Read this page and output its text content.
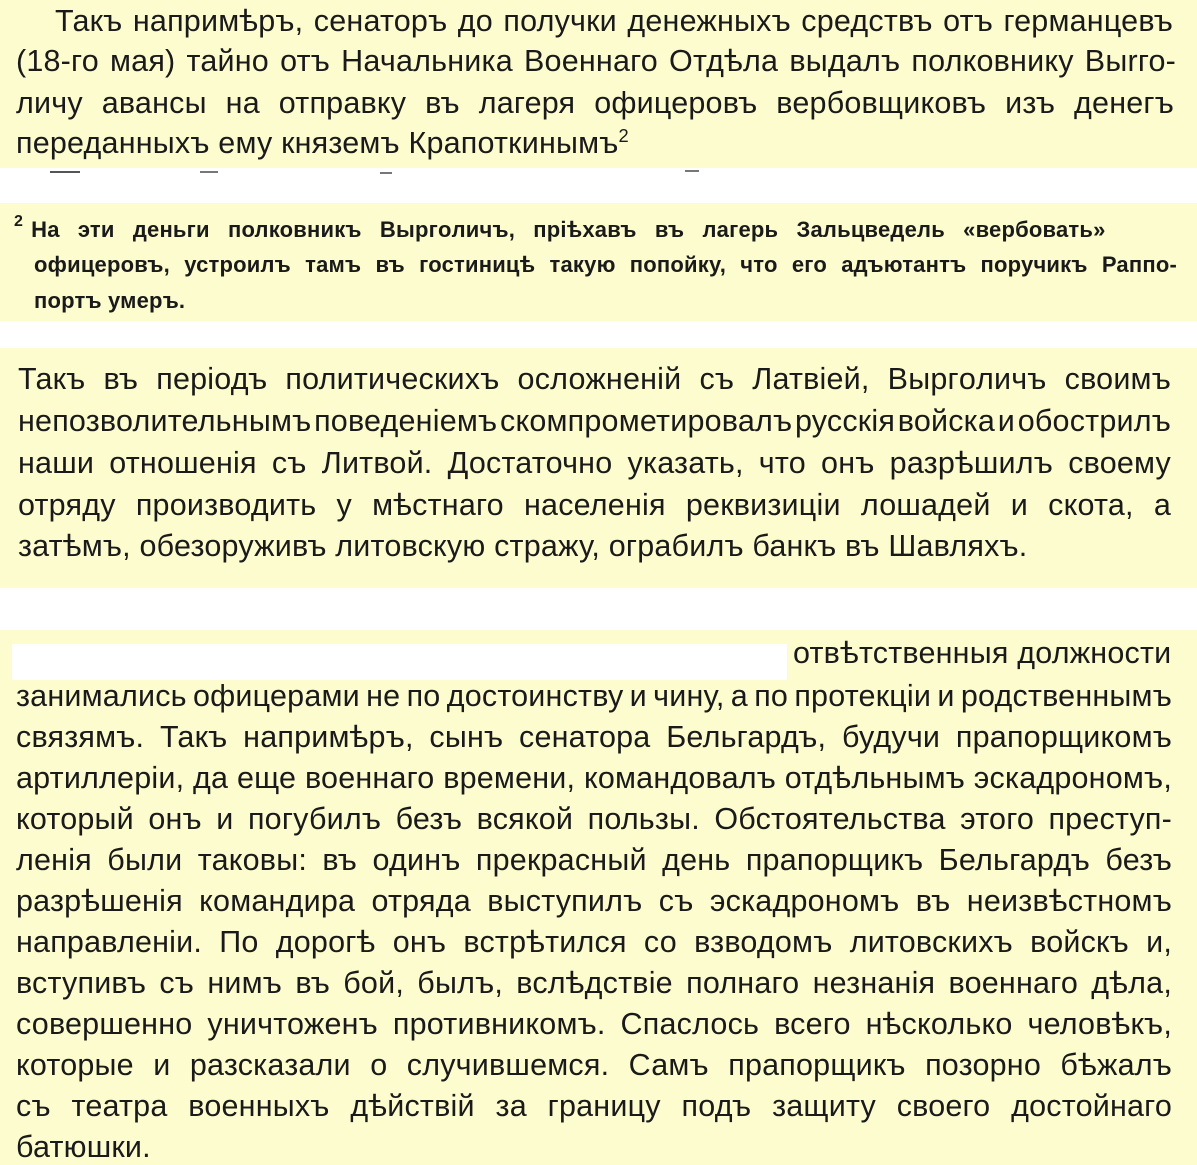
Такъ напримѣръ, сенаторъ до получки денежныхъ средствъ отъ германцевъ
(18-го мая) тайно отъ Начальника Военнаго Отдѣла выдалъ полковнику Выrго-
личу авансы на отправку въ лагеря офицеровъ вербовщиковъ изъ денегъ
переданныхъ ему княземъ Крапоткинымъ$^2$
$^2$ На эти деньги полковникъ Выргoличъ, пріѣхавъ въ лагерь Зальцведель «вербовать»
офицеровъ, устроилъ тамъ въ гостиницѣ такую попойку, что его адъютантъ поручикъ Раппо-
портъ умеръ.
Такъ въ періодъ политическихъ осложненій съ Латвіей, Выргoличъ своимъ
непозволительнымъ поведеніемъ скомпрометировалъ русскія войска и обострилъ
наши отношенія съ Литвой. Достаточно указать, что онъ разрѣшилъ своему
отряду производить у мѣстнаго населенія реквизиціи лошадей и скота, а
затѣмъ, обезоруживъ литовскую стражу, ограбилъ банкъ въ Шавляхъ.
отвѣтственныя должности
занимались офицерами не по достоинству и чину, а по протекціи и родственнымъ
связямъ. Такъ напримѣръ, сынъ сенатора Бельгардъ, будучи прапорщикомъ
артиллеріи, да еще военнаго времени, командовалъ отдѣльнымъ эскадрономъ,
который онъ и погубилъ безъ всякой пользы. Обстоятельства этого преступ-
ленія были таковы: въ одинъ прекрасный день прапорщикъ Бельгардъ безъ
разрѣшенія командира отряда выступилъ съ эскадрономъ въ неизвѣстномъ
направленіи. По дорогѣ онъ встрѣтился со взводомъ литовскихъ войскъ и,
вступивъ съ нимъ въ бой, былъ, вслѣдствіе полнаго незнанія военнаго дѣла,
совершенно уничтоженъ противникомъ. Спаслось всего нѣсколько человѣкъ,
которые и разсказали о случившемся. Самъ прапорщикъ позорно бѣжалъ
съ театра военныхъ дѣйствій за границу подъ защиту своего достойнаго
батюшки.
